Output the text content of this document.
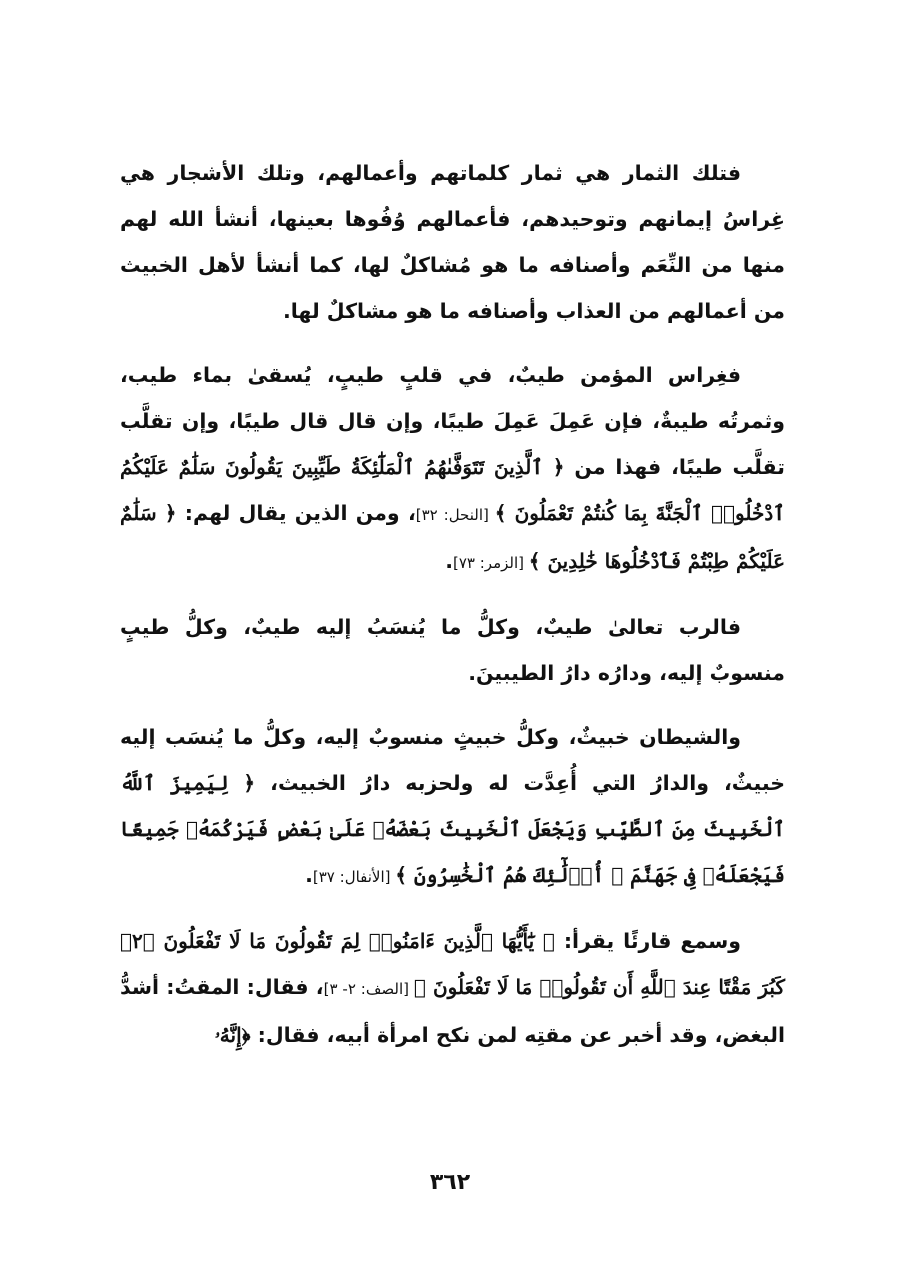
فتلك الثمار هي ثمار كلماتهم وأعمالهم، وتلك الأشجار هي غِراسُ إيمانهم وتوحيدهم، فأعمالهم وُفُوها بعينها، أنشأ الله لهم منها من النِّعَم وأصنافه ما هو مُشاكلٌ لها، كما أنشأ لأهل الخبيث من أعمالهم من العذاب وأصنافه ما هو مشاكلٌ لها.

فغِراس المؤمن طيبٌ، في قلبٍ طيبٍ، يُسقىٰ بماء طيب، وثمرتُه طيبةٌ، فإن عَمِلَ عَمِلَ طيبًا، وإن قال قال طيبًا، وإن تقلَّب تقلَّب طيبًا، فهذا من ﴿ ٱلَّذِينَ تَتَوَفَّىٰهُمُ ٱلْمَلَٰٓئِكَةُ طَيِّبِينَ يَقُولُونَ سَلَٰمٌ عَلَيْكُمُ ٱدْخُلُوا۟ ٱلْجَنَّةَ بِمَا كُنتُمْ تَعْمَلُونَ ﴾ [النحل: ٣٢]، ومن الذين يقال لهم: ﴿ سَلَٰمٌ عَلَيْكُمْ طِبْتُمْ فَٱدْخُلُوهَا خَٰلِدِينَ ﴾ [الزمر: ٧٣].

فالرب تعالىٰ طيبٌ، وكلُّ ما يُنسَبُ إليه طيبٌ، وكلُّ طيبٍ منسوبٌ إليه، ودارُه دارُ الطيبينَ.

والشيطان خبيثٌ، وكلُّ خبيثٍ منسوبٌ إليه، وكلُّ ما يُنسَب إليه خبيثٌ، والدارُ التي أُعِدَّت له ولحزبه دارُ الخبيث، ﴿ لِيَمِيزَ ٱللَّهُ ٱلْخَبِيثَ مِنَ ٱلطَّيِّبِ وَيَجْعَلَ ٱلْخَبِيثَ بَعْضَهُۥ عَلَىٰ بَعْضٍ فَيَرْكُمَهُۥ جَمِيعًا فَيَجْعَلَهُۥ فِى جَهَنَّمَ ۚ أُو۟لَٰٓئِكَ هُمُ ٱلْخَٰسِرُونَ ﴾ [الأنفال: ٣٧].

وسمع قارئًا يقرأ: ﴿ يَٰٓأَيُّهَا ٱلَّذِينَ ءَامَنُوا۟ لِمَ تَقُولُونَ مَا لَا تَفْعَلُونَ ﴿٢﴾ كَبُرَ مَقْتًا عِندَ ٱللَّهِ أَن تَقُولُوا۟ مَا لَا تَفْعَلُونَ ﴾ [الصف: ٢- ٣]، فقال: المقتُ: أشدُّ البغض، وقد أخبر عن مقتِه لمن نكح امرأة أبيه، فقال: ﴿إِنَّهُۥ

٣٦٢
